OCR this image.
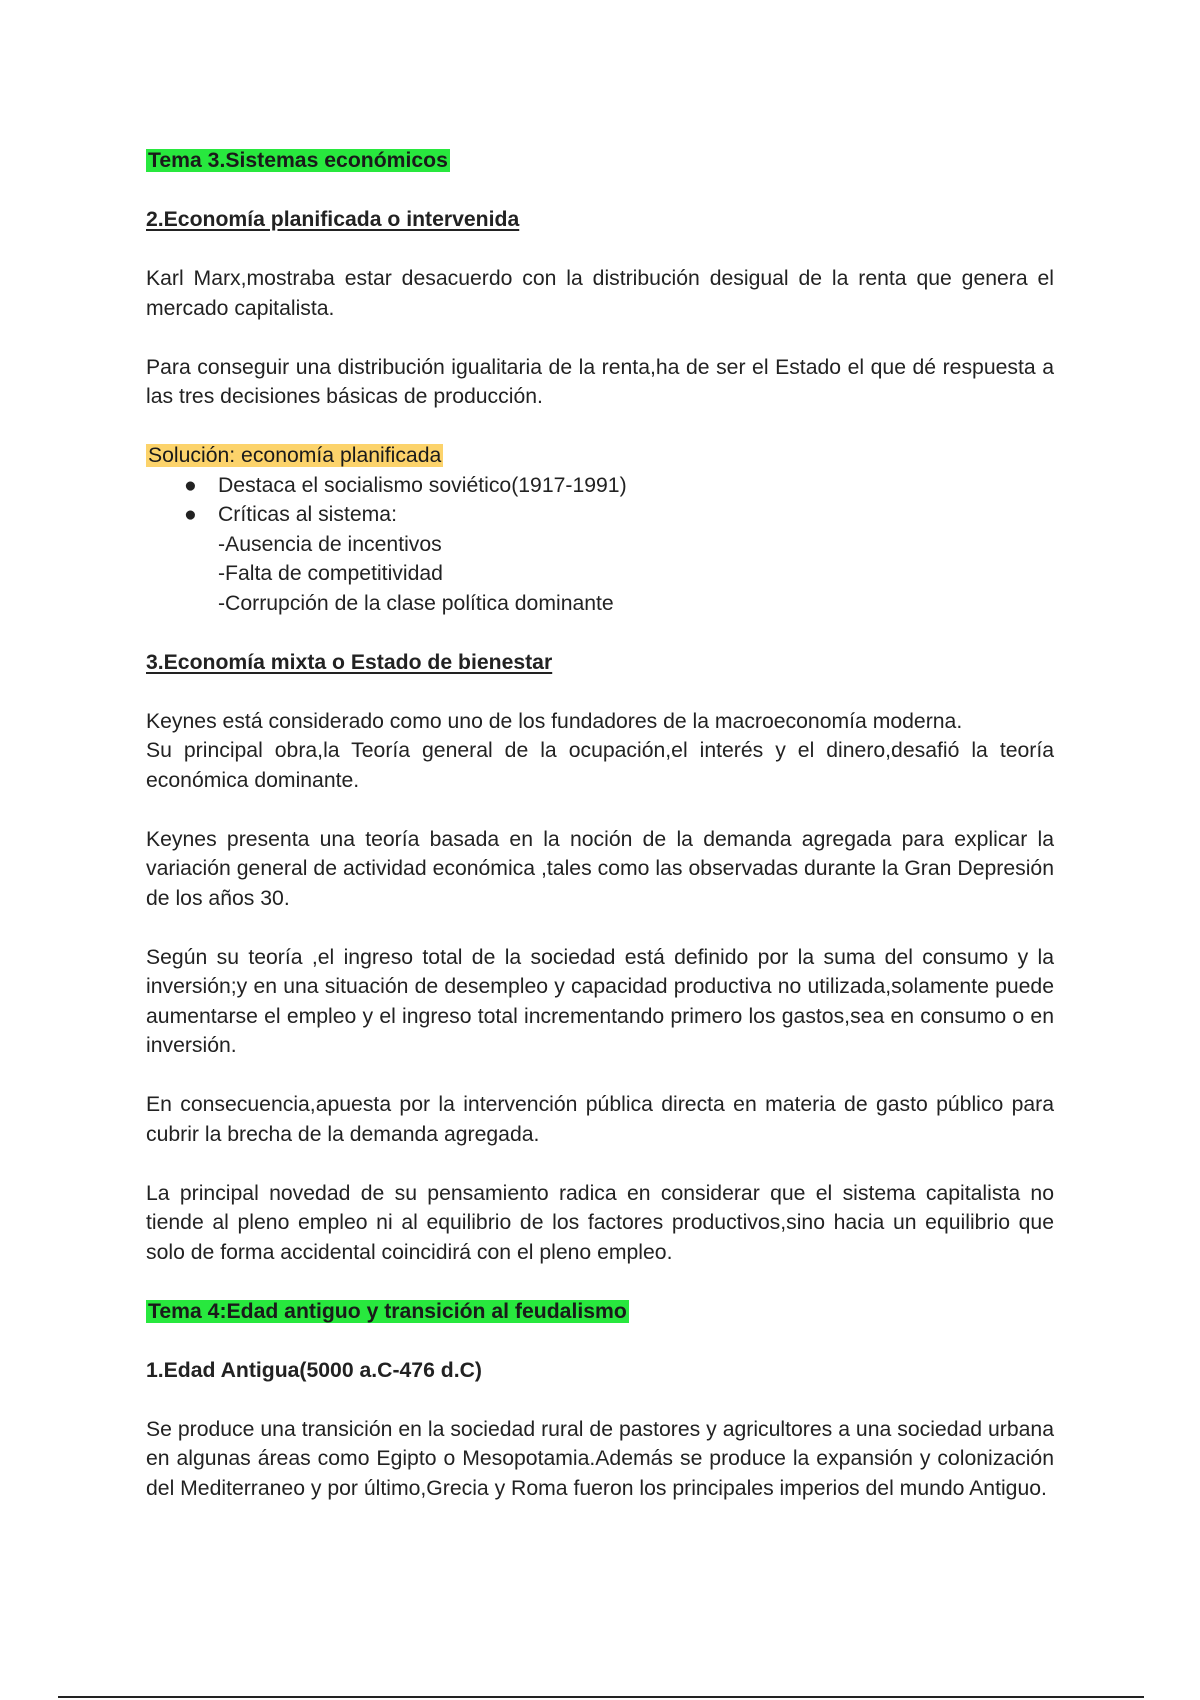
Tema 3.Sistemas económicos

2.Economía planificada o intervenida

Karl Marx,mostraba estar desacuerdo con la distribución desigual de la renta que genera el mercado capitalista.

Para conseguir una distribución igualitaria de la renta,ha de ser el Estado el que dé respuesta a las tres decisiones básicas de producción.

Solución: economía planificada

● Destaca el socialismo soviético(1917-1991)
● Críticas al sistema:
-Ausencia de incentivos
-Falta de competitividad
-Corrupción de la clase política dominante

3.Economía mixta o Estado de bienestar

Keynes está considerado como uno de los fundadores de la macroeconomía moderna.
Su principal obra,la Teoría general de la ocupación,el interés y el dinero,desafió la teoría económica dominante.

Keynes presenta una teoría basada en la noción de la demanda agregada para explicar la variación general de actividad económica ,tales como las observadas durante la Gran Depresión de los años 30.

Según su teoría ,el ingreso total de la sociedad está definido por la suma del consumo y la inversión;y en una situación de desempleo y capacidad productiva no utilizada,solamente puede aumentarse el empleo y el ingreso total incrementando primero los gastos,sea en consumo o en inversión.

En consecuencia,apuesta por la intervención pública directa en materia de gasto público para cubrir la brecha de la demanda agregada.

La principal novedad de su pensamiento radica en considerar que el sistema capitalista no tiende al pleno empleo ni al equilibrio de los factores productivos,sino hacia un equilibrio que solo de forma accidental coincidirá con el pleno empleo.

Tema 4:Edad antiguo y transición al feudalismo

1.Edad Antigua(5000 a.C-476 d.C)

Se produce una transición en la sociedad rural de pastores y agricultores a una sociedad urbana en algunas áreas como Egipto o Mesopotamia.Además se produce la expansión y colonización del Mediterraneo y por último,Grecia y Roma fueron los principales imperios del mundo Antiguo.
